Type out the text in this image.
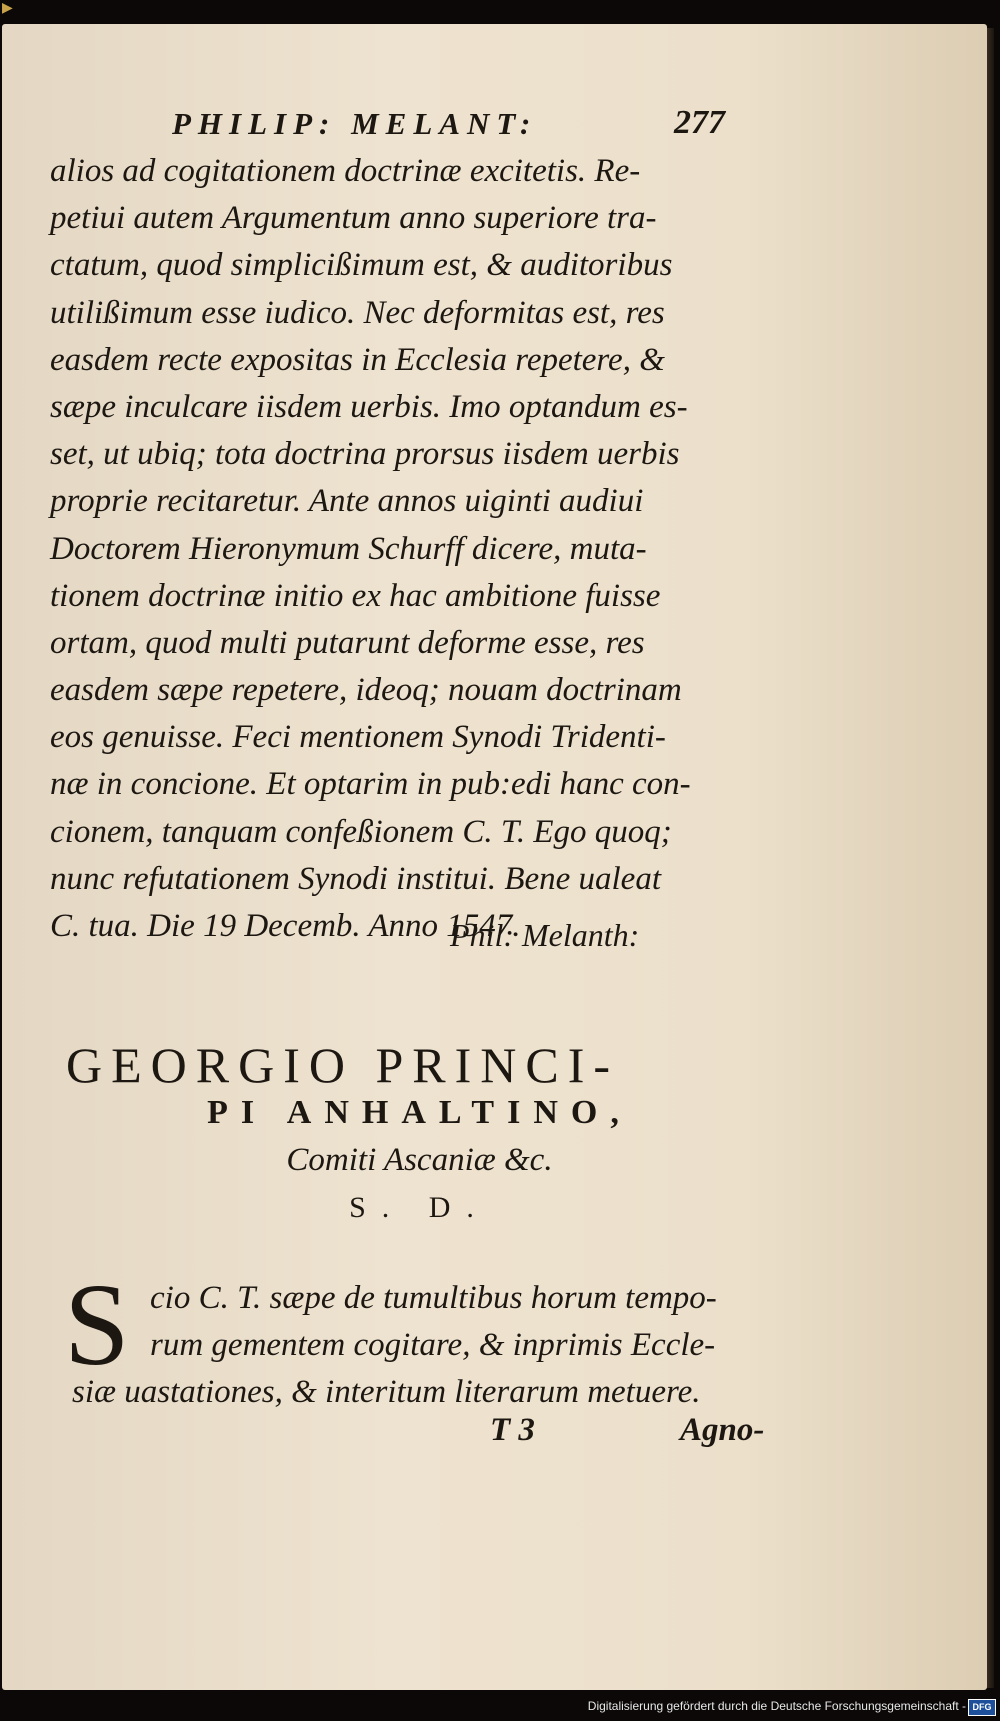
▶
PHILIP: MELANT:	277
alios ad cogitationem doctrinæ excitetis. Re-
petiui autem Argumentum anno superiore tra-
ctatum, quod simplicißimum est, & auditoribus
utilißimum esse iudico. Nec deformitas est, res
easdem recte expositas in Ecclesia repetere, &
sæpe inculcare iisdem uerbis. Imo optandum es-
set, ut ubiq; tota doctrina prorsus iisdem uerbis
proprie recitaretur. Ante annos uiginti audiui
Doctorem Hieronymum Schurff dicere, muta-
tionem doctrinæ initio ex hac ambitione fuisse
ortam, quod multi putarunt deforme esse, res
easdem sæpe repetere, ideoq; nouam doctrinam
eos genuisse. Feci mentionem Synodi Tridenti-
næ in concione. Et optarim in pub:edi hanc con-
cionem, tanquam confeßionem C. T. Ego quoq;
nunc refutationem Synodi institui. Bene ualeat
C. tua. Die 19 Decemb. Anno 1547.
Phil: Melanth:
GEORGIO PRINCI-
PI ANHALTINO,
Comiti Ascaniæ &c.
S. D.
S cio C. T. sæpe de tumultibus horum tempo-
rum gementem cogitare, & inprimis Eccle-
siæ uastationes, & interitum literarum metuere.
T 3	Agno-
Digitalisierung gefördert durch die Deutsche Forschungsgemeinschaft - DFG
